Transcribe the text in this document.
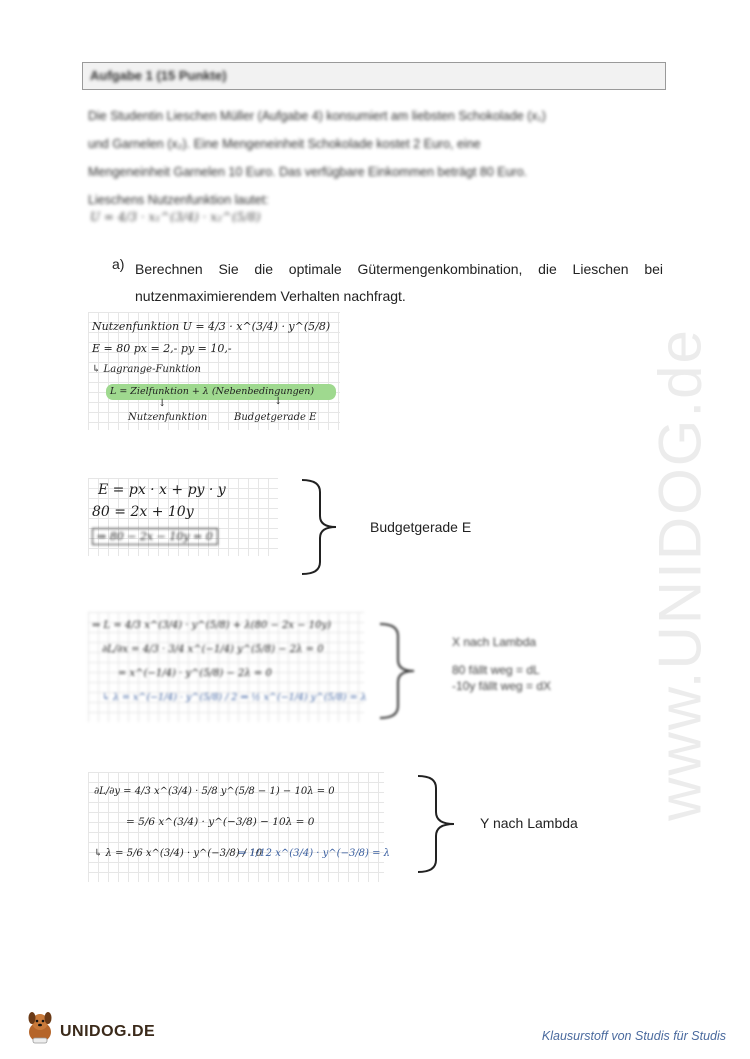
Aufgabe 1 (15 Punkte)
Die Studentin Lieschen Müller (Aufgabe 4) konsumiert am liebsten Schokolade (x₁)
und Garnelen (x₂). Eine Mengeneinheit Schokolade kostet 2 Euro, eine
Mengeneinheit Garnelen 10 Euro. Das verfügbare Einkommen beträgt 80 Euro.
Lieschens Nutzenfunktion lautet:
U = 4/3 · x₁^(3/4) · x₂^(5/8)
a) Berechnen Sie die optimale Gütermengenkombination, die Lieschen bei nutzenmaximierendem Verhalten nachfragt.
Nutzenfunktion U = 4/3 · x^(3/4) · y^(5/8)
E = 80 px = 2,- py = 10,-
↳ Lagrange-Funktion
L = Zielfunktion + λ (Nebenbedingungen)
↓	↓
Nutzenfunktion	Budgetgerade E
E = px · x + py · y
80 = 2x + 10y
⇒ 80 − 2x − 10y = 0
Budgetgerade E
⇒ L = 4/3 x^(3/4) · y^(5/8) + λ(80 − 2x − 10y)
∂L/∂x = 4/3 · 3/4 x^(−1/4) y^(5/8) − 2λ = 0
= x^(−1/4) · y^(5/8) − 2λ = 0
↳ λ = x^(−1/4) · y^(5/8) / 2 ⇒ ½ x^(−1/4) y^(5/8) = λ
X nach Lambda
80 fällt weg = dL
-10y fällt weg = dX
∂L/∂y = 4/3 x^(3/4) · 5/8 y^(5/8 − 1) − 10λ = 0
= 5/6 x^(3/4) · y^(−3/8) − 10λ = 0
↳ λ = 5/6 x^(3/4) · y^(−3/8) / 10
⇒ 1/12 x^(3/4) · y^(−3/8) = λ
Y nach Lambda
www.UNIDOG.de
UNIDOG.DE	Klausurstoff von Studis für Studis
